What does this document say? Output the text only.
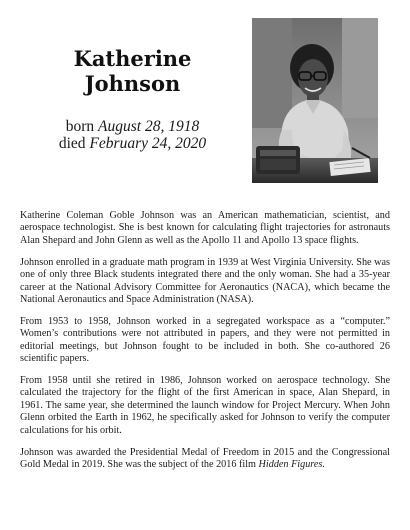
Katherine
Johnson
born August 28, 1918
died February 24, 2020

Katherine Coleman Goble Johnson was an American mathematician, scientist, and aerospace technologist. She is best known for calculating flight trajectories for astronauts Alan Shepard and John Glenn as well as the Apollo 11 and Apollo 13 space flights.

Johnson enrolled in a graduate math program in 1939 at West Virginia University. She was one of only three Black students integrated there and the only woman. She had a 35-year career at the National Advisory Committee for Aeronautics (NACA), which became the National Aeronautics and Space Administration (NASA).

From 1953 to 1958, Johnson worked in a segregated workspace as a “computer.” Women’s contributions were not attributed in papers, and they were not permitted in editorial meetings, but Johnson fought to be included in both. She co-authored 26 scientific papers.

From 1958 until she retired in 1986, Johnson worked on aerospace technology. She calculated the trajectory for the flight of the first American in space, Alan Shepard, in 1961. The same year, she determined the launch window for Project Mercury. When John Glenn orbited the Earth in 1962, he specifically asked for Johnson to verify the computer calculations for his orbit.

Johnson was awarded the Presidential Medal of Freedom in 2015 and the Congressional Gold Medal in 2019. She was the subject of the 2016 film Hidden Figures.
